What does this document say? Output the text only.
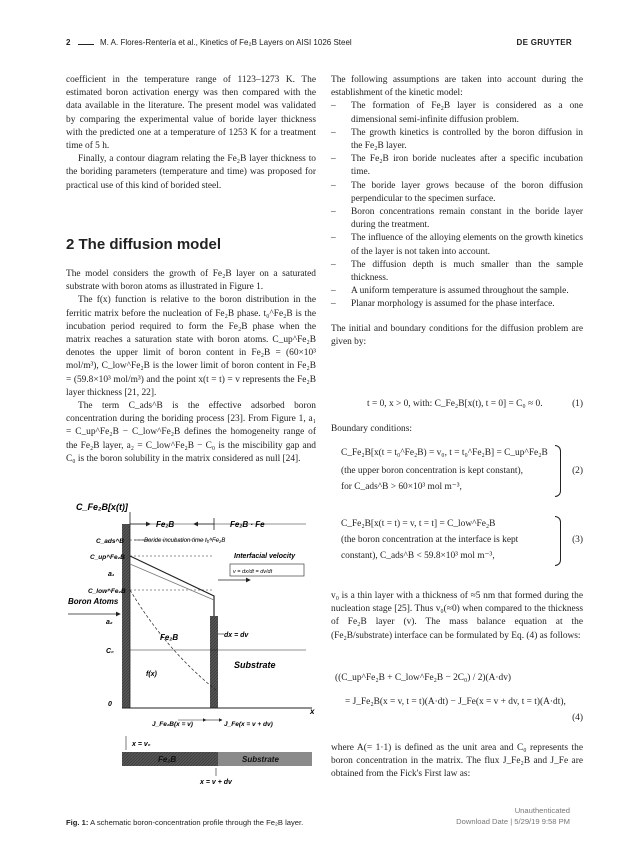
2	M. A. Flores-Rentería et al., Kinetics of Fe₂B Layers on AISI 1026 Steel	DE GRUYTER

coefficient in the temperature range of 1123–1273 K. The estimated boron activation energy was then compared with the data available in the literature. The present model was validated by comparing the experimental value of boride layer thickness with the predicted one at a temperature of 1253 K for a treatment time of 5 h.

Finally, a contour diagram relating the Fe₂B layer thickness to the boriding parameters (temperature and time) was proposed for practical use of this kind of borided steel.

2 The diffusion model

The model considers the growth of Fe₂B layer on a saturated substrate with boron atoms as illustrated in Figure 1.

The f(x) function is relative to the boron distribution in the ferritic matrix before the nucleation of Fe₂B phase. t₀^Fe₂B is the incubation period required to form the Fe₂B phase when the matrix reaches a saturation state with boron atoms. C_up^Fe₂B denotes the upper limit of boron content in Fe₂B = (60×10³ mol/m³), C_low^Fe₂B is the lower limit of boron content in Fe₂B = (59.8×10³ mol/m³) and the point x(t = t) = v represents the Fe₂B layer thickness [21, 22].

The term C_ads^B is the effective adsorbed boron concentration during the boriding process [23]. From Figure 1, a₁ = C_up^Fe₂B − C_low^Fe₂B defines the homogeneity range of the Fe₂B layer, a₂ = C_low^Fe₂B − C₀ is the miscibility gap and C₀ is the boron solubility in the matrix considered as null [24].

The following assumptions are taken into account during the establishment of the kinetic model:

– The formation of Fe₂B layer is considered as a one dimensional semi-infinite diffusion problem.
– The growth kinetics is controlled by the boron diffusion in the Fe₂B layer.
– The Fe₂B iron boride nucleates after a specific incubation time.
– The boride layer grows because of the boron diffusion perpendicular to the specimen surface.
– Boron concentrations remain constant in the boride layer during the treatment.
– The influence of the alloying elements on the growth kinetics of the layer is not taken into account.
– The diffusion depth is much smaller than the sample thickness.
– A uniform temperature is assumed throughout the sample.
– Planar morphology is assumed for the phase interface.

The initial and boundary conditions for the diffusion problem are given by:

t = 0, x > 0, with: C_Fe₂B[x(t), t = 0] = C₀ ≈ 0.	(1)

Boundary conditions:

C_Fe₂B[x(t = t₀^Fe₂B) = v₀, t = t₀^Fe₂B] = C_up^Fe₂B
(the upper boron concentration is kept constant),
for C_ads^B > 60×10³ mol m⁻³,
(2)
C_Fe₂B[x(t = t) = v, t = t] = C_low^Fe₂B
(the boron concentration at the interface is kept
constant), C_ads^B < 59.8×10³ mol m⁻³,
(3)

v₀ is a thin layer with a thickness of ≈5 nm that formed during the nucleation stage [25]. Thus v₀(≈0) when compared to the thickness of Fe₂B layer (v). The mass balance equation at the (Fe₂B/substrate) interface can be formulated by Eq. (4) as follows:

((C_up^Fe₂B + C_low^Fe₂B − 2C₀) / 2)(A·dv)
= J_Fe₂B(x = v, t = t)(A·dt) − J_Fe(x = v + dv, t = t)(A·dt),
(4)

where A(= 1·1) is defined as the unit area and C₀ represents the boron concentration in the matrix. The flux J_Fe₂B and J_Fe are obtained from the Fick's First law as:

C_Fe₂B[x(t)]
Fe₂B	Fe₂B · Fe
C_ads^B
C_up^Fe₂B
a₁
C_low^Fe₂B
a₂
C₀
0
Boron Atoms
Boride incubation time t₀^Fe₂B
Interfacial velocity
v = dx/dt = dv/dt
Fe₂B
f(x)
dx = dv
Substrate
J_Fe₂B(x = v)	J_Fe(x = v + dv)
x
x = v₀
Fe₂B	Substrate
x = v + dv
Fig. 1: A schematic boron-concentration profile through the Fe₂B layer.
Unauthenticated
Download Date | 5/29/19 9:58 PM
